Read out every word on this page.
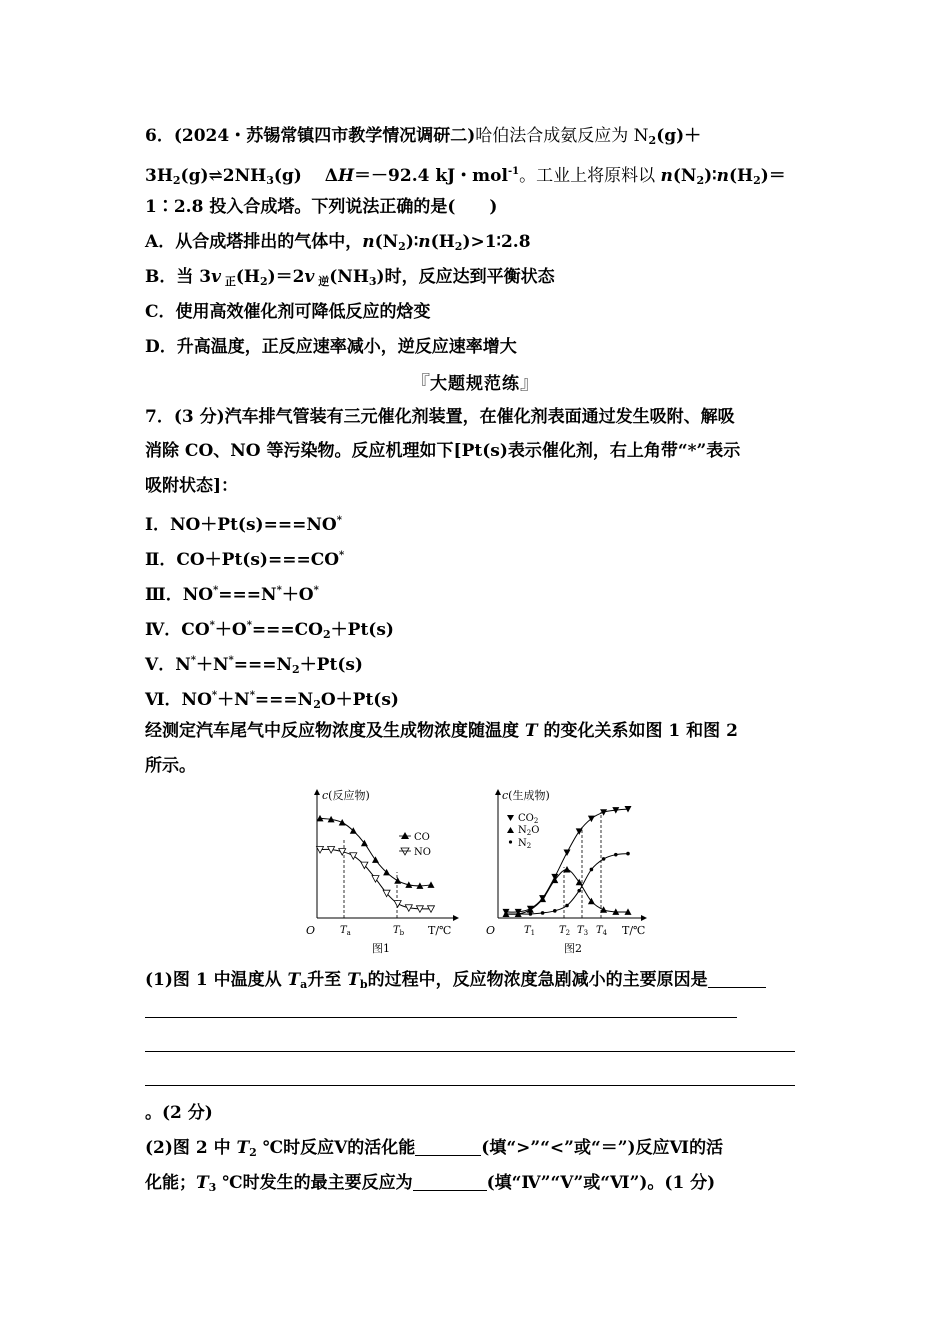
6．(2024・苏锡常镇四市教学情况调研二)哈伯法合成氨反应为 $N_2(g)+$
$3H_2(g)\rightleftharpoons 2NH_3(g)$　 ΔH＝－92.4 kJ・mol$^{-1}$。工业上将原料以 $n(N_2)∶n(H_2)=$
1∶2.8 投入合成塔。下列说法正确的是(　　)
A．从合成塔排出的气体中，$n(N_2)∶n(H_2)>1∶2.8$
B．当 3v $_正(H_2)=2v$ $_逆(NH_3)$时，反应达到平衡状态
C．使用高效催化剂可降低反应的焓变
D．升高温度，正反应速率减小，逆反应速率增大
『大题规范练』
7．(3 分)汽车排气管装有三元催化剂装置，在催化剂表面通过发生吸附、解吸
消除 CO、NO 等污染物。反应机理如下[Pt(s)表示催化剂，右上角带“*”表示
吸附状态]：
Ⅰ．NO＋Pt(s)===NO*
Ⅱ．CO＋Pt(s)===CO*
Ⅲ．NO*===N*＋O*
Ⅳ．$CO^*+O^*===CO_2+Pt(s)$
Ⅴ．$N^*+N^*===N_2+Pt(s)$
Ⅵ．$NO^*+N^*===N_2O+Pt(s)$
经测定汽车尾气中反应物浓度及生成物浓度随温度 T 的变化关系如图 1 和图 2
所示。
c(反应物)
O	T/℃
$T_a$	$T_b$
CO
NO
图1
c(生成物)
O	T/℃
$T_1$ $T_2$ $T_3$ $T_4$
$CO_2$
$N_2O$
$N_2$
图2
(1)图 1 中温度从 $T_a$升至 $T_b$的过程中，反应物浓度急剧减小的主要原因是
。(2 分)
(2)图 2 中 $T_2$ ℃时反应Ⅴ的活化能	(填“>”“<”或“＝”)反应Ⅵ的活
化能；$T_3$ ℃时发生的最主要反应为	(填“Ⅳ”“Ⅴ”或“Ⅵ”)。(1 分)
